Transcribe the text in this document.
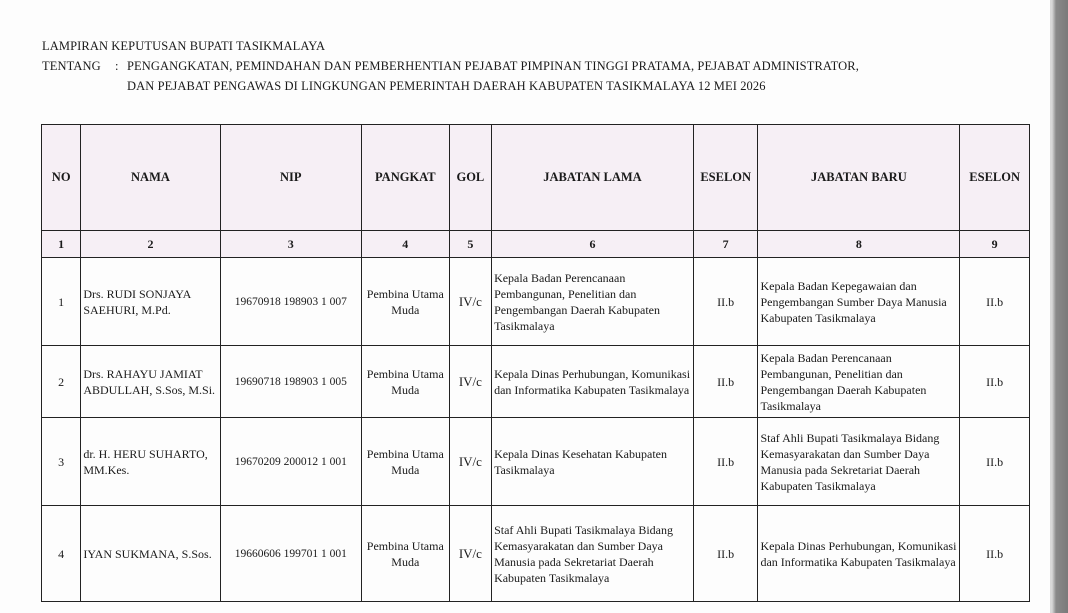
LAMPIRAN KEPUTUSAN BUPATI TASIKMALAYA
TENTANG	: PENGANGKATAN, PEMINDAHAN DAN PEMBERHENTIAN PEJABAT PIMPINAN TINGGI PRATAMA, PEJABAT ADMINISTRATOR,
DAN PEJABAT PENGAWAS DI LINGKUNGAN PEMERINTAH DAERAH KABUPATEN TASIKMALAYA 12 MEI 2026
NO	NAMA	NIP	PANGKAT	GOL	JABATAN LAMA	ESELON	JABATAN BARU	ESELON
1	2	3	4	5	6	7	8	9
1	Drs. RUDI SONJAYA SAEHURI, M.Pd.	19670918 198903 1 007	Pembina Utama Muda	IV/c	Kepala Badan Perencanaan Pembangunan, Penelitian dan Pengembangan Daerah Kabupaten Tasikmalaya	II.b	Kepala Badan Kepegawaian dan Pengembangan Sumber Daya Manusia Kabupaten Tasikmalaya	II.b
2	Drs. RAHAYU JAMIAT ABDULLAH, S.Sos, M.Si.	19690718 198903 1 005	Pembina Utama Muda	IV/c	Kepala Dinas Perhubungan, Komunikasi dan Informatika Kabupaten Tasikmalaya	II.b	Kepala Badan Perencanaan Pembangunan, Penelitian dan Pengembangan Daerah Kabupaten Tasikmalaya	II.b
3	dr. H. HERU SUHARTO, MM.Kes.	19670209 200012 1 001	Pembina Utama Muda	IV/c	Kepala Dinas Kesehatan Kabupaten Tasikmalaya	II.b	Staf Ahli Bupati Tasikmalaya Bidang Kemasyarakatan dan Sumber Daya Manusia pada Sekretariat Daerah Kabupaten Tasikmalaya	II.b
4	IYAN SUKMANA, S.Sos.	19660606 199701 1 001	Pembina Utama Muda	IV/c	Staf Ahli Bupati Tasikmalaya Bidang Kemasyarakatan dan Sumber Daya Manusia pada Sekretariat Daerah Kabupaten Tasikmalaya	II.b	Kepala Dinas Perhubungan, Komunikasi dan Informatika Kabupaten Tasikmalaya	II.b
